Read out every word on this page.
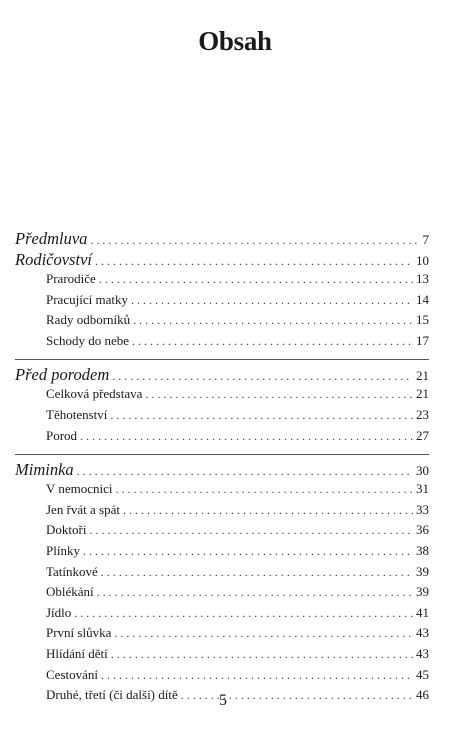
Obsah
Předmluva . . .	7
Rodičovství . . .	10
Prarodiče . . .	13
Pracující matky . . .	14
Rady odborníků . . .	15
Schody do nebe . . .	17
Před porodem . . .	21
Celková představa . . .	21
Těhotenství . . .	23
Porod . . .	27
Miminka . . .	30
V nemocnici . . .	31
Jen řvát a spát . . .	33
Doktoři . . .	36
Plínky . . .	38
Tatínkové . . .	39
Oblékání . . .	39
Jídlo . . .	41
První slůvka . . .	43
Hlídání dětí . . .	43
Cestování . . .	45
Druhé, třetí (či další) dítě . . .	46
5
